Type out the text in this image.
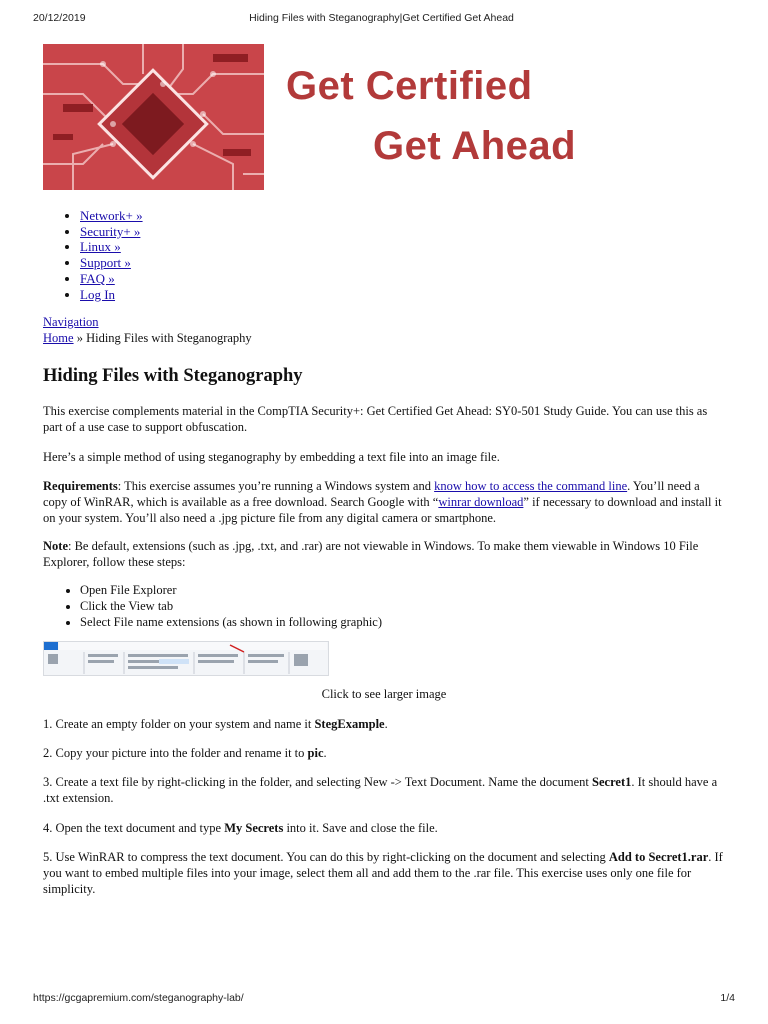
20/12/2019	Hiding Files with Steganography|Get Certified Get Ahead
Get Certified
Get Ahead
• Network+ »
• Security+ »
• Linux »
• Support »
• FAQ »
• Log In
Navigation
Home » Hiding Files with Steganography
Hiding Files with Steganography

This exercise complements material in the CompTIA Security+: Get Certified Get Ahead: SY0-501 Study Guide. You can use this as part of a use case to support obfuscation.

Here’s a simple method of using steganography by embedding a text file into an image file.

Requirements: This exercise assumes you’re running a Windows system and know how to access the command line. You’ll need a copy of WinRAR, which is available as a free download. Search Google with “winrar download” if necessary to download and install it on your system. You’ll also need a .jpg picture file from any digital camera or smartphone.

Note: Be default, extensions (such as .jpg, .txt, and .rar) are not viewable in Windows. To make them viewable in Windows 10 File Explorer, follow these steps:

• Open File Explorer
• Click the View tab
• Select File name extensions (as shown in following graphic)
Click to see larger image

1. Create an empty folder on your system and name it StegExample.

2. Copy your picture into the folder and rename it to pic.

3. Create a text file by right-clicking in the folder, and selecting New -> Text Document. Name the document Secret1. It should have a .txt extension.

4. Open the text document and type My Secrets into it. Save and close the file.

5. Use WinRAR to compress the text document. You can do this by right-clicking on the document and selecting Add to Secret1.rar. If you want to embed multiple files into your image, select them all and add them to the .rar file. This exercise uses only one file for simplicity.

https://gcgapremium.com/steganography-lab/	1/4
